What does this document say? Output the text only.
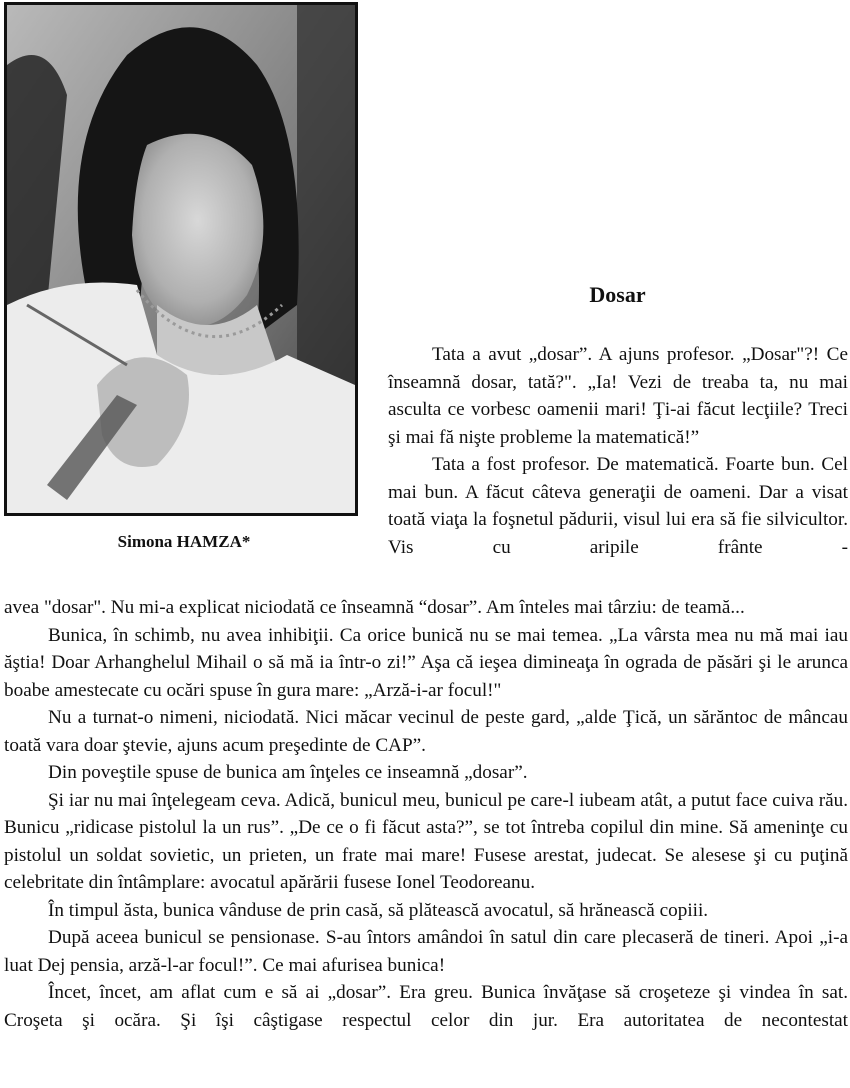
Simona HAMZA*
Dosar

Tata a avut „dosar”. A ajuns profesor. „Dosar"?! Ce înseamnă dosar, tată?". „Ia! Vezi de treaba ta, nu mai asculta ce vorbesc oamenii mari! Ţi-ai făcut lecţiile? Treci şi mai fă nişte probleme la matematică!”

Tata a fost profesor. De matematică. Foarte bun. Cel mai bun. A făcut câteva generaţii de oameni. Dar a visat toată viaţa la foşnetul pădurii, visul lui era să fie silvicultor. Vis cu aripile frânte -

avea "dosar". Nu mi-a explicat niciodată ce înseamnă “dosar”. Am înteles mai târziu: de teamă...

Bunica, în schimb, nu avea inhibiţii. Ca orice bunică nu se mai temea. „La vârsta mea nu mă mai iau ăştia! Doar Arhanghelul Mihail o să mă ia într-o zi!” Aşa că ieşea dimineaţa în ograda de păsări şi le arunca boabe amestecate cu ocări spuse în gura mare: „Arză-i-ar focul!"

Nu a turnat-o nimeni, niciodată. Nici măcar vecinul de peste gard, „alde Ţică, un sărăntoc de mâncau toată vara doar ştevie, ajuns acum preşedinte de CAP”.

Din poveştile spuse de bunica am înţeles ce inseamnă „dosar”.

Şi iar nu mai înţelegeam ceva. Adică, bunicul meu, bunicul pe care-l iubeam atât, a putut face cuiva rău. Bunicu „ridicase pistolul la un rus”. „De ce o fi făcut asta?”, se tot întreba copilul din mine. Să ameninţe cu pistolul un soldat sovietic, un prieten, un frate mai mare! Fusese arestat, judecat. Se alesese şi cu puţină celebritate din întâmplare: avocatul apărării fusese Ionel Teodoreanu.

În timpul ăsta, bunica vânduse de prin casă, să plătească avocatul, să hrănească copiii.

După aceea bunicul se pensionase. S-au întors amândoi în satul din care plecaseră de tineri. Apoi „i-a luat Dej pensia, arză-l-ar focul!”. Ce mai afurisea bunica!

Încet, încet, am aflat cum e să ai „dosar”. Era greu. Bunica învăţase să croşeteze şi vindea în sat. Croşeta şi ocăra. Şi îşi câştigase respectul celor din jur. Era autoritatea de necontestat
